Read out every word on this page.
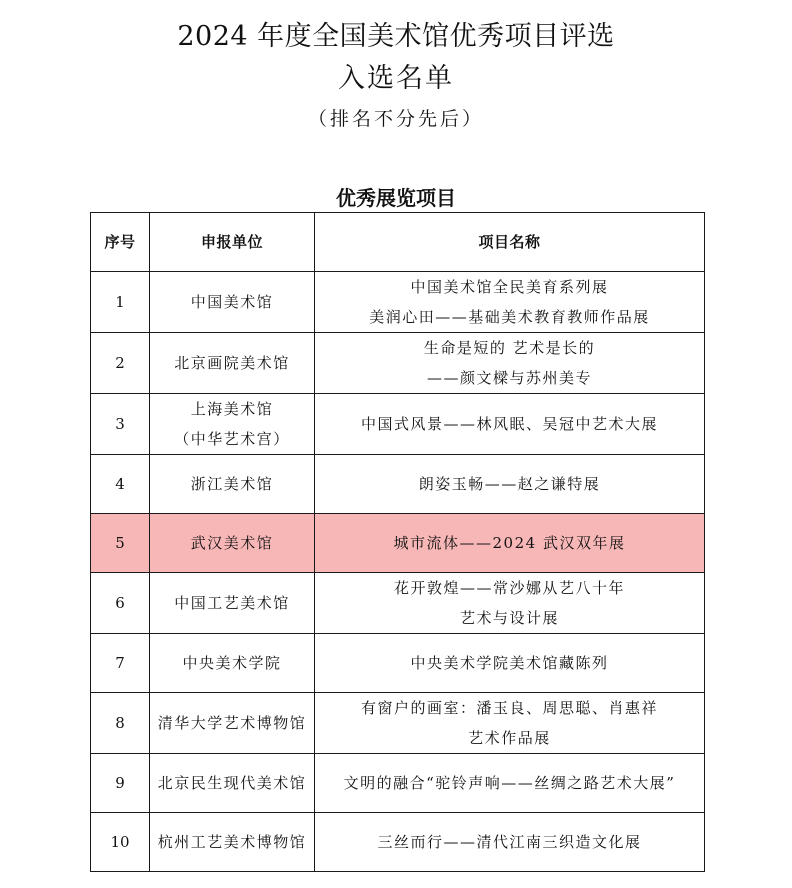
2024 年度全国美术馆优秀项目评选
入选名单
（排名不分先后）
优秀展览项目
序号	申报单位	项目名称
1	中国美术馆	中国美术馆全民美育系列展
美润心田——基础美术教育教师作品展

2	北京画院美术馆	生命是短的 艺术是长的
——颜文樑与苏州美专

3	上海美术馆
（中华艺术宫）	中国式风景——林风眠、吴冠中艺术大展

4	浙江美术馆	朗姿玉畅——赵之谦特展

5	武汉美术馆	城市流体——2024 武汉双年展

6	中国工艺美术馆	花开敦煌——常沙娜从艺八十年
艺术与设计展

7	中央美术学院	中央美术学院美术馆藏陈列

8	清华大学艺术博物馆	有窗户的画室：潘玉良、周思聪、肖惠祥
艺术作品展

9	北京民生现代美术馆	文明的融合“驼铃声响——丝绸之路艺术大展”

10	杭州工艺美术博物馆	三丝而行——清代江南三织造文化展
